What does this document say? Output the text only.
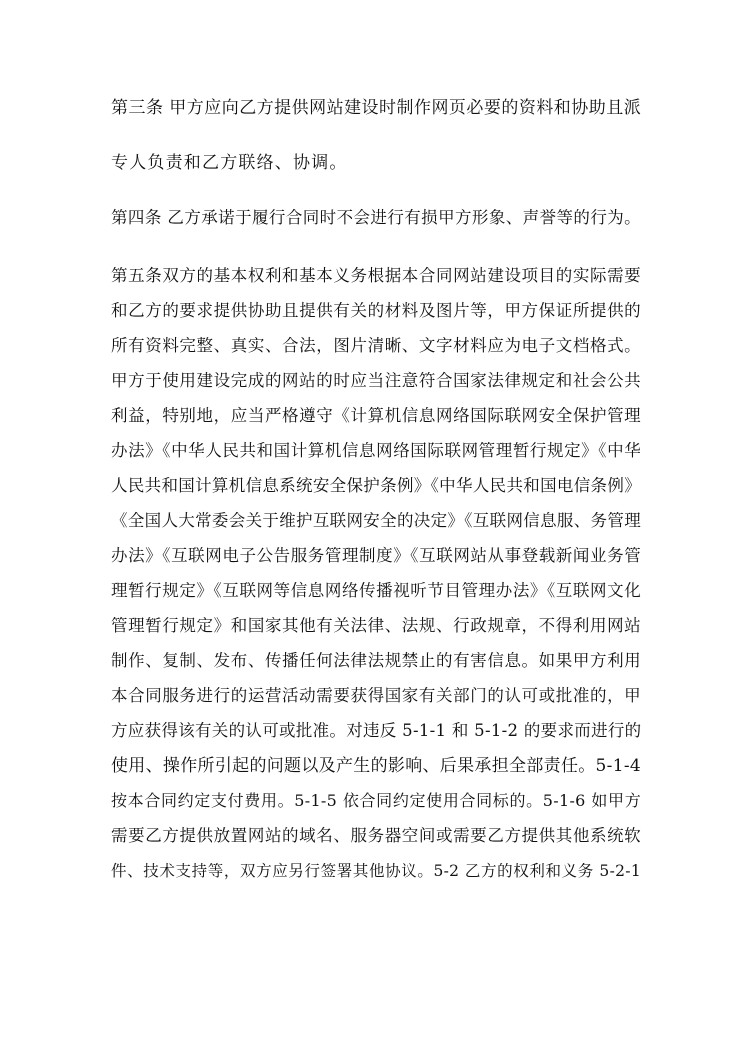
第三条 甲方应向乙方提供网站建设时制作网页必要的资料和协助且派
专人负责和乙方联络、协调。
第四条 乙方承诺于履行合同时不会进行有损甲方形象、声誉等的行为。
第五条双方的基本权利和基本义务根据本合同网站建设项目的实际需要
和乙方的要求提供协助且提供有关的材料及图片等，甲方保证所提供的
所有资料完整、真实、合法，图片清晰、文字材料应为电子文档格式。
甲方于使用建设完成的网站的时应当注意符合国家法律规定和社会公共
利益，特别地，应当严格遵守《计算机信息网络国际联网安全保护管理
办法》《中华人民共和国计算机信息网络国际联网管理暂行规定》《中华
人民共和国计算机信息系统安全保护条例》《中华人民共和国电信条例》
《全国人大常委会关于维护互联网安全的决定》《互联网信息服、务管理
办法》《互联网电子公告服务管理制度》《互联网站从事登载新闻业务管
理暂行规定》《互联网等信息网络传播视听节目管理办法》《互联网文化
管理暂行规定》和国家其他有关法律、法规、行政规章，不得利用网站
制作、复制、发布、传播任何法律法规禁止的有害信息。如果甲方利用
本合同服务进行的运营活动需要获得国家有关部门的认可或批准的，甲
方应获得该有关的认可或批准。对违反 5-1-1 和 5-1-2 的要求而进行的
使用、操作所引起的问题以及产生的影响、后果承担全部责任。5-1-4
按本合同约定支付费用。5-1-5 依合同约定使用合同标的。5-1-6 如甲方
需要乙方提供放置网站的域名、服务器空间或需要乙方提供其他系统软
件、技术支持等，双方应另行签署其他协议。5-2 乙方的权利和义务 5-2-1
